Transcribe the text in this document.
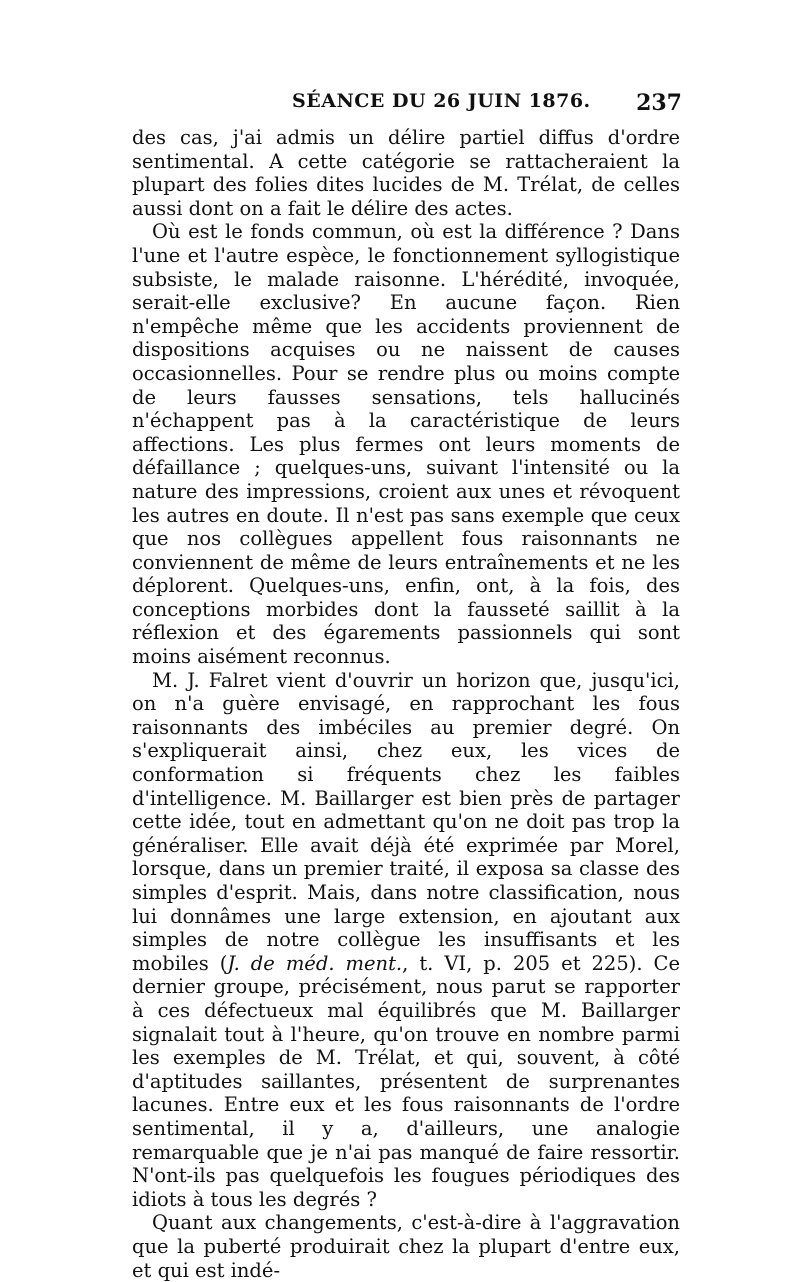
SÉANCE DU 26 JUIN 1876. 237

des cas, j'ai admis un délire partiel diffus d'ordre sentimental. A cette catégorie se rattacheraient la plupart des folies dites lucides de M. Trélat, de celles aussi dont on a fait le délire des actes.

Où est le fonds commun, où est la différence ? Dans l'une et l'autre espèce, le fonctionnement syllogistique subsiste, le malade raisonne. L'hérédité, invoquée, serait-elle exclusive? En aucune façon. Rien n'empêche même que les accidents proviennent de dispositions acquises ou ne naissent de causes occasionnelles. Pour se rendre plus ou moins compte de leurs fausses sensations, tels hallucinés n'échappent pas à la caractéristique de leurs affections. Les plus fermes ont leurs moments de défaillance ; quelques-uns, suivant l'intensité ou la nature des impressions, croient aux unes et révoquent les autres en doute. Il n'est pas sans exemple que ceux que nos collègues appellent fous raisonnants ne conviennent de même de leurs entraînements et ne les déplorent. Quelques-uns, enfin, ont, à la fois, des conceptions morbides dont la fausseté saillit à la réflexion et des égarements passionnels qui sont moins aisément reconnus.

M. J. Falret vient d'ouvrir un horizon que, jusqu'ici, on n'a guère envisagé, en rapprochant les fous raisonnants des imbéciles au premier degré. On s'expliquerait ainsi, chez eux, les vices de conformation si fréquents chez les faibles d'intelligence. M. Baillarger est bien près de partager cette idée, tout en admettant qu'on ne doit pas trop la généraliser. Elle avait déjà été exprimée par Morel, lorsque, dans un premier traité, il exposa sa classe des simples d'esprit. Mais, dans notre classification, nous lui donnâmes une large extension, en ajoutant aux simples de notre collègue les insuffisants et les mobiles (J. de méd. ment., t. VI, p. 205 et 225). Ce dernier groupe, précisément, nous parut se rapporter à ces défectueux mal équilibrés que M. Baillarger signalait tout à l'heure, qu'on trouve en nombre parmi les exemples de M. Trélat, et qui, souvent, à côté d'aptitudes saillantes, présentent de surprenantes lacunes. Entre eux et les fous raisonnants de l'ordre sentimental, il y a, d'ailleurs, une analogie remarquable que je n'ai pas manqué de faire ressortir. N'ont-ils pas quelquefois les fougues périodiques des idiots à tous les degrés ?

Quant aux changements, c'est-à-dire à l'aggravation que la puberté produirait chez la plupart d'entre eux, et qui est indé-
